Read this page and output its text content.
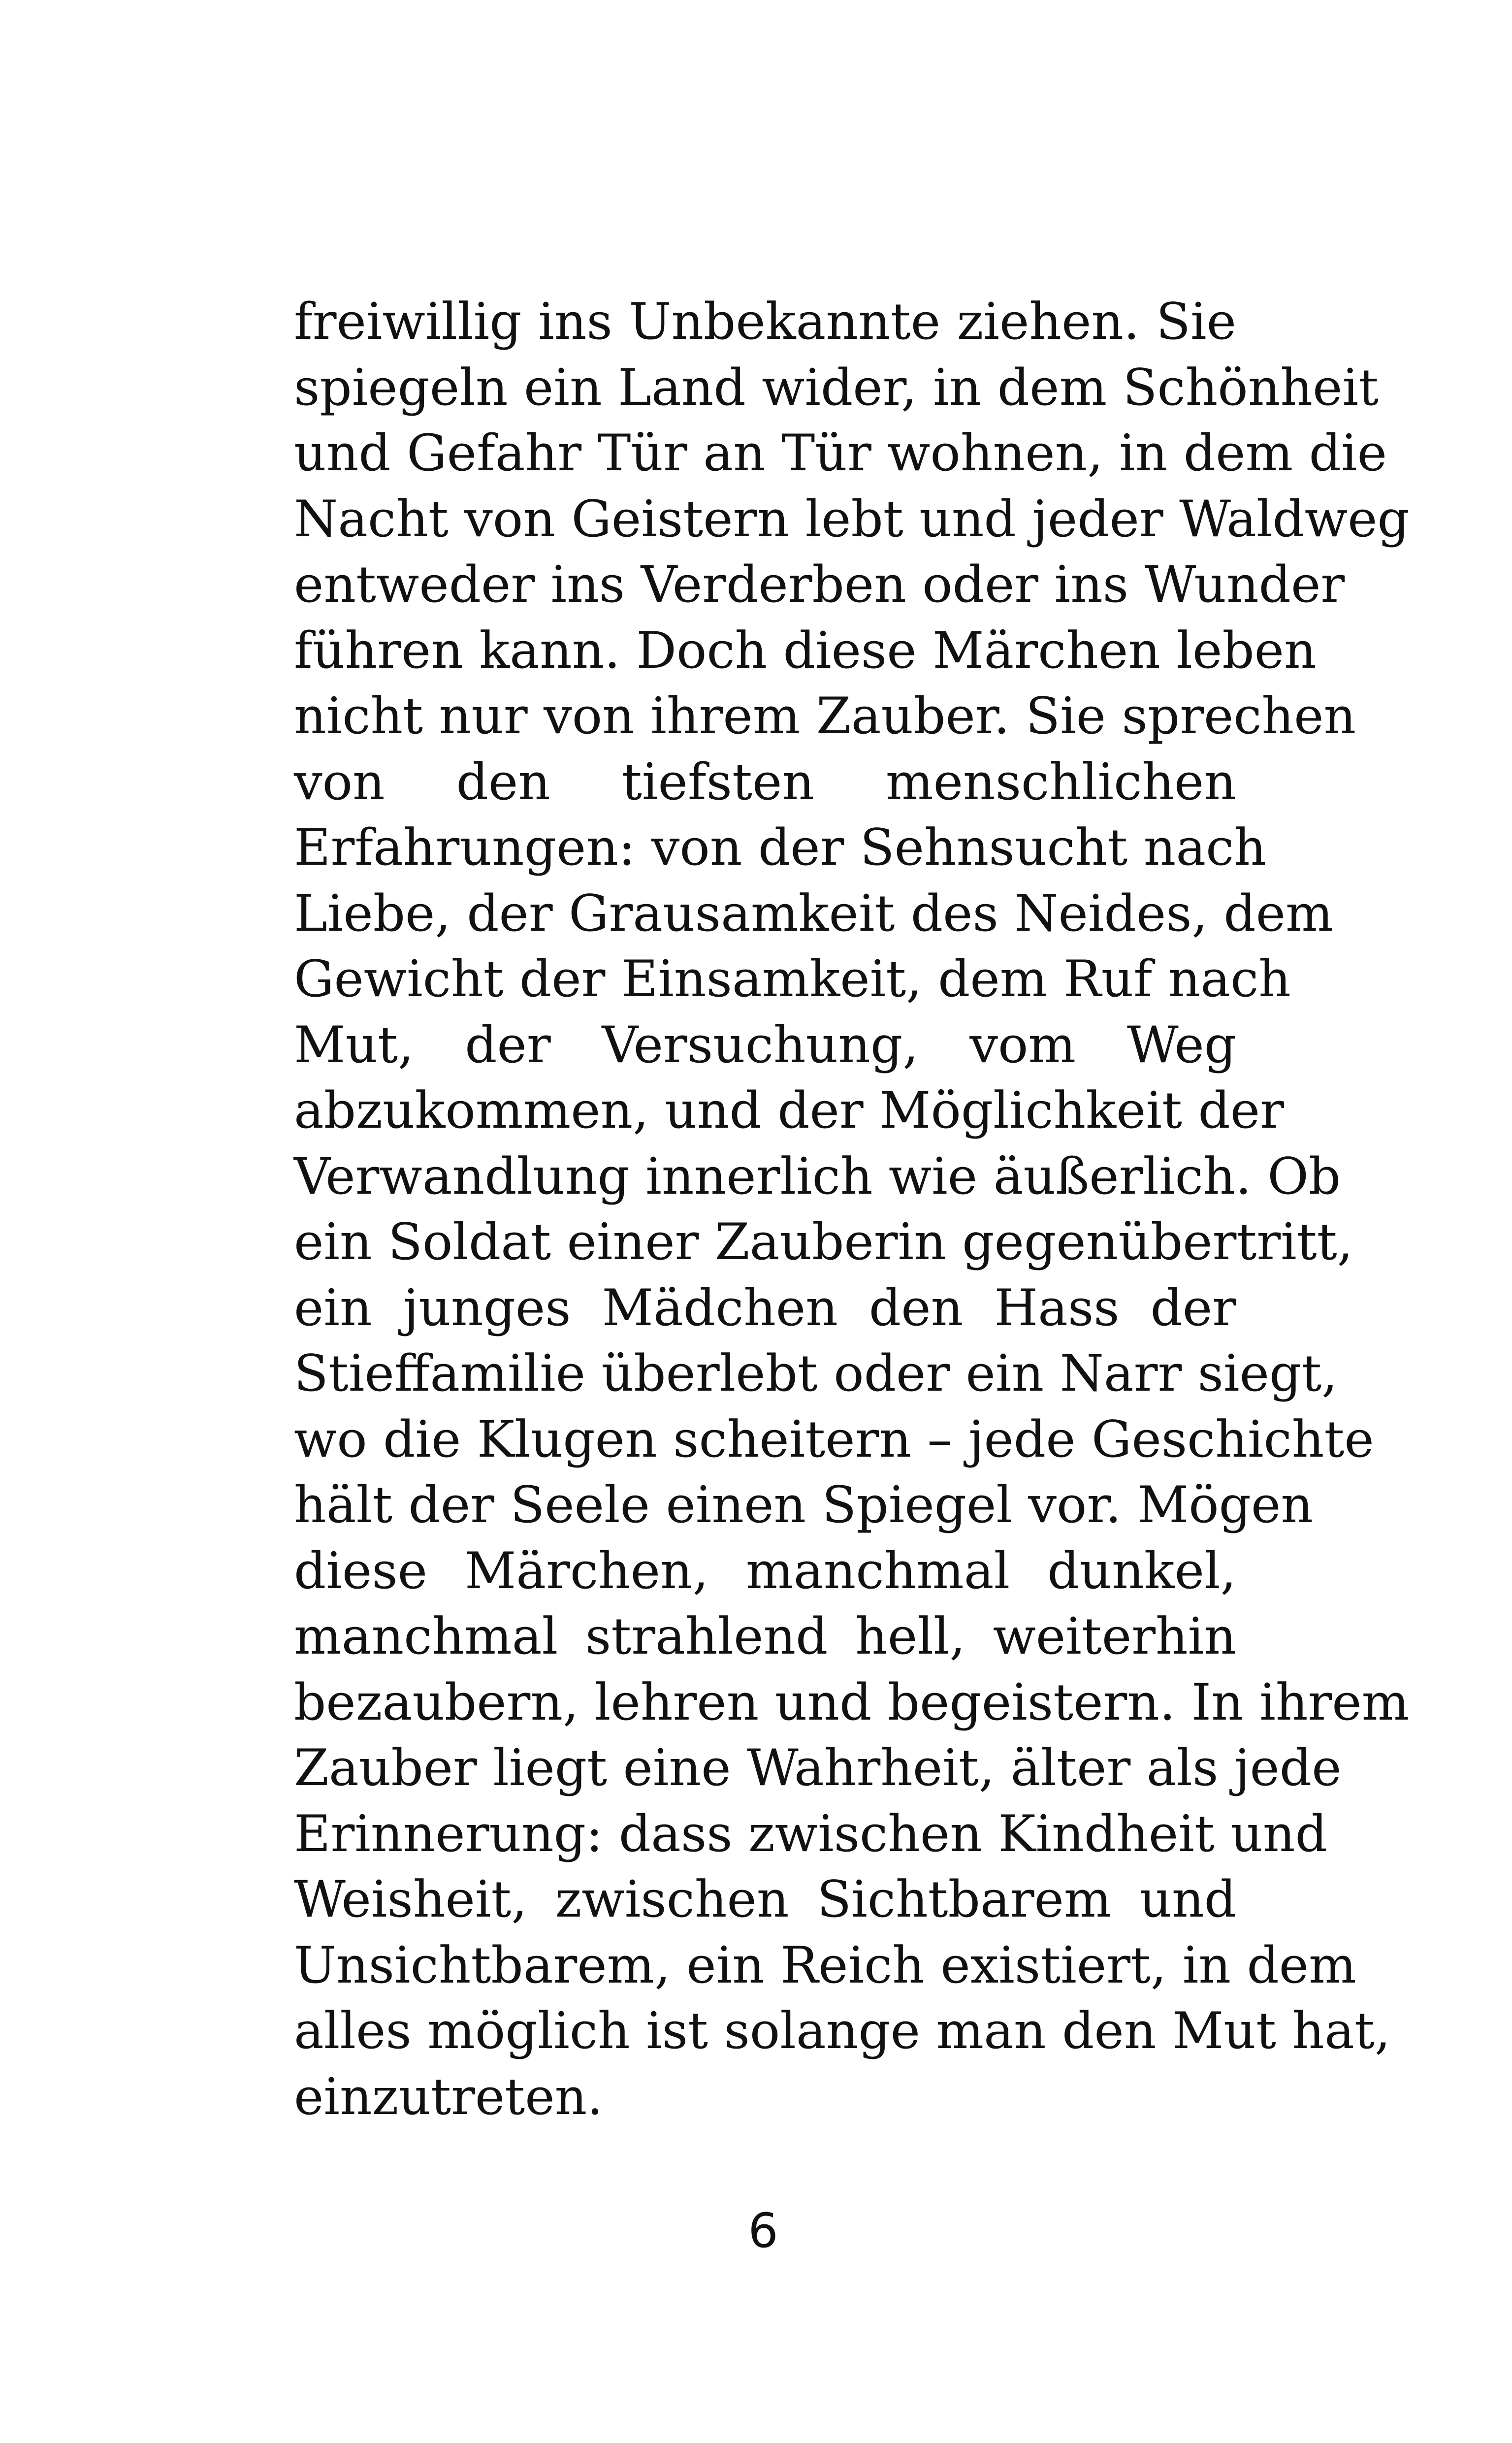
freiwillig ins Unbekannte ziehen. Sie
spiegeln ein Land wider, in dem Schönheit
und Gefahr Tür an Tür wohnen, in dem die
Nacht von Geistern lebt und jeder Waldweg
entweder ins Verderben oder ins Wunder
führen kann. Doch diese Märchen leben
nicht nur von ihrem Zauber. Sie sprechen
von den tiefsten menschlichen
Erfahrungen: von der Sehnsucht nach
Liebe, der Grausamkeit des Neides, dem
Gewicht der Einsamkeit, dem Ruf nach
Mut, der Versuchung, vom Weg
abzukommen, und der Möglichkeit der
Verwandlung innerlich wie äußerlich. Ob
ein Soldat einer Zauberin gegenübertritt,
ein junges Mädchen den Hass der
Stieffamilie überlebt oder ein Narr siegt,
wo die Klugen scheitern – jede Geschichte
hält der Seele einen Spiegel vor. Mögen
diese Märchen, manchmal dunkel,
manchmal strahlend hell, weiterhin
bezaubern, lehren und begeistern. In ihrem
Zauber liegt eine Wahrheit, älter als jede
Erinnerung: dass zwischen Kindheit und
Weisheit, zwischen Sichtbarem und
Unsichtbarem, ein Reich existiert, in dem
alles möglich ist solange man den Mut hat,
einzutreten.
6
